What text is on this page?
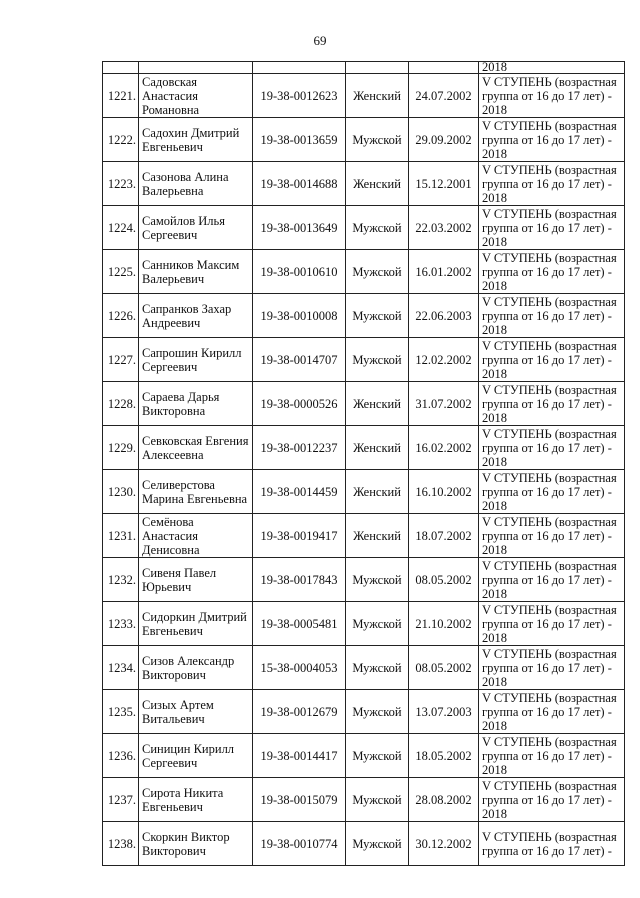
69
					2018
1221.	Садовская Анастасия Романовна	19-38-0012623	Женский	24.07.2002	V СТУПЕНЬ (возрастная
группа от 16 до 17 лет) -
2018

1222.	Садохин Дмитрий Евгеньевич	19-38-0013659	Мужской	29.09.2002	V СТУПЕНЬ (возрастная
группа от 16 до 17 лет) -
2018

1223.	Сазонова Алина Валерьевна	19-38-0014688	Женский	15.12.2001	V СТУПЕНЬ (возрастная
группа от 16 до 17 лет) -
2018

1224.	Самойлов Илья Сергеевич	19-38-0013649	Мужской	22.03.2002	V СТУПЕНЬ (возрастная
группа от 16 до 17 лет) -
2018

1225.	Санников Максим Валерьевич	19-38-0010610	Мужской	16.01.2002	V СТУПЕНЬ (возрастная
группа от 16 до 17 лет) -
2018

1226.	Сапранков Захар Андреевич	19-38-0010008	Мужской	22.06.2003	V СТУПЕНЬ (возрастная
группа от 16 до 17 лет) -
2018

1227.	Сапрошин Кирилл Сергеевич	19-38-0014707	Мужской	12.02.2002	V СТУПЕНЬ (возрастная
группа от 16 до 17 лет) -
2018

1228.	Сараева Дарья Викторовна	19-38-0000526	Женский	31.07.2002	V СТУПЕНЬ (возрастная
группа от 16 до 17 лет) -
2018

1229.	Севковская Евгения Алексеевна	19-38-0012237	Женский	16.02.2002	V СТУПЕНЬ (возрастная
группа от 16 до 17 лет) -
2018

1230.	Селиверстова Марина Евгеньевна	19-38-0014459	Женский	16.10.2002	V СТУПЕНЬ (возрастная
группа от 16 до 17 лет) -
2018

1231.	Семёнова Анастасия Денисовна	19-38-0019417	Женский	18.07.2002	V СТУПЕНЬ (возрастная
группа от 16 до 17 лет) -
2018

1232.	Сивеня Павел Юрьевич	19-38-0017843	Мужской	08.05.2002	V СТУПЕНЬ (возрастная
группа от 16 до 17 лет) -
2018

1233.	Сидоркин Дмитрий Евгеньевич	19-38-0005481	Мужской	21.10.2002	V СТУПЕНЬ (возрастная
группа от 16 до 17 лет) -
2018

1234.	Сизов Александр Викторович	15-38-0004053	Мужской	08.05.2002	V СТУПЕНЬ (возрастная
группа от 16 до 17 лет) -
2018

1235.	Сизых Артем Витальевич	19-38-0012679	Мужской	13.07.2003	V СТУПЕНЬ (возрастная
группа от 16 до 17 лет) -
2018

1236.	Синицин Кирилл Сергеевич	19-38-0014417	Мужской	18.05.2002	V СТУПЕНЬ (возрастная
группа от 16 до 17 лет) -
2018

1237.	Сирота Никита Евгеньевич	19-38-0015079	Мужской	28.08.2002	V СТУПЕНЬ (возрастная
группа от 16 до 17 лет) -
2018

1238.	Скоркин Виктор Викторович	19-38-0010774	Мужской	30.12.2002	V СТУПЕНЬ (возрастная
группа от 16 до 17 лет) -
